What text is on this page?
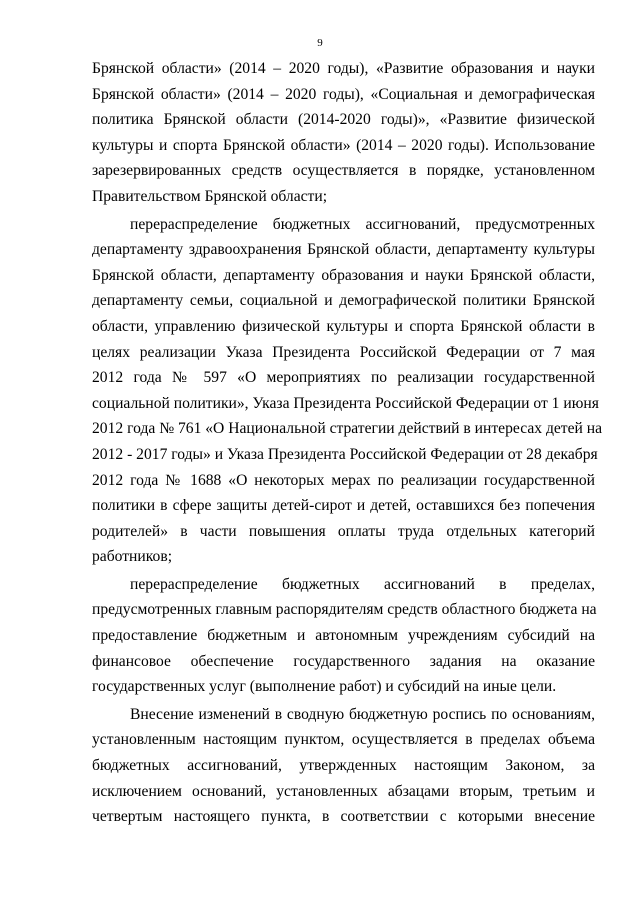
9
Брянской области» (2014 – 2020 годы), «Развитие образования и науки
Брянской области» (2014 – 2020 годы), «Социальная и демографическая
политика Брянской области (2014-2020 годы)», «Развитие физической
культуры и спорта Брянской области» (2014 – 2020 годы). Использование
зарезервированных средств осуществляется в порядке, установленном
Правительством Брянской области;
перераспределение бюджетных ассигнований, предусмотренных
департаменту здравоохранения Брянской области, департаменту культуры
Брянской области, департаменту образования и науки Брянской области,
департаменту семьи, социальной и демографической политики Брянской
области, управлению физической культуры и спорта Брянской области в
целях реализации Указа Президента Российской Федерации от 7 мая
2012 года № 597 «О мероприятиях по реализации государственной
социальной политики», Указа Президента Российской Федерации от 1 июня
2012 года № 761 «О Национальной стратегии действий в интересах детей на
2012 - 2017 годы» и Указа Президента Российской Федерации от 28 декабря
2012 года № 1688 «О некоторых мерах по реализации государственной
политики в сфере защиты детей-сирот и детей, оставшихся без попечения
родителей» в части повышения оплаты труда отдельных категорий
работников;
перераспределение бюджетных ассигнований в пределах,
предусмотренных главным распорядителям средств областного бюджета на
предоставление бюджетным и автономным учреждениям субсидий на
финансовое обеспечение государственного задания на оказание
государственных услуг (выполнение работ) и субсидий на иные цели.
Внесение изменений в сводную бюджетную роспись по основаниям,
установленным настоящим пунктом, осуществляется в пределах объема
бюджетных ассигнований, утвержденных настоящим Законом, за
исключением оснований, установленных абзацами вторым, третьим и
четвертым настоящего пункта, в соответствии с которыми внесение
